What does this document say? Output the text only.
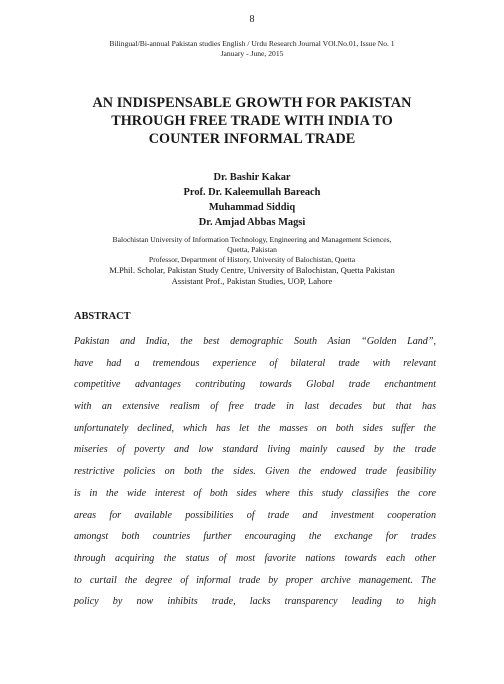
8
Bilingual/Bi-annual Pakistan studies English / Urdu Research Journal VOl.No.01, Issue No. 1
January - June, 2015
AN INDISPENSABLE GROWTH FOR PAKISTAN
THROUGH FREE TRADE WITH INDIA TO
COUNTER INFORMAL TRADE
Dr. Bashir Kakar
Prof. Dr. Kaleemullah Bareach
Muhammad Siddiq
Dr. Amjad Abbas Magsi
Balochistan University of Information Technology, Engineering and Management Sciences,
Quetta, Pakistan
Professor, Department of History, University of Balochistan, Quetta
M.Phil. Scholar, Pakistan Study Centre, University of Balochistan, Quetta Pakistan
Assistant Prof., Pakistan Studies, UOP, Lahore
ABSTRACT
Pakistan and India, the best demographic South Asian “Golden Land”,
have had a tremendous experience of bilateral trade with relevant
competitive advantages contributing towards Global trade enchantment
with an extensive realism of free trade in last decades but that has
unfortunately declined, which has let the masses on both sides suffer the
miseries of poverty and low standard living mainly caused by the trade
restrictive policies on both the sides. Given the endowed trade feasibility
is in the wide interest of both sides where this study classifies the core
areas for available possibilities of trade and investment cooperation
amongst both countries further encouraging the exchange for trades
through acquiring the status of most favorite nations towards each other
to curtail the degree of informal trade by proper archive management. The
policy by now inhibits trade, lacks transparency leading to high
